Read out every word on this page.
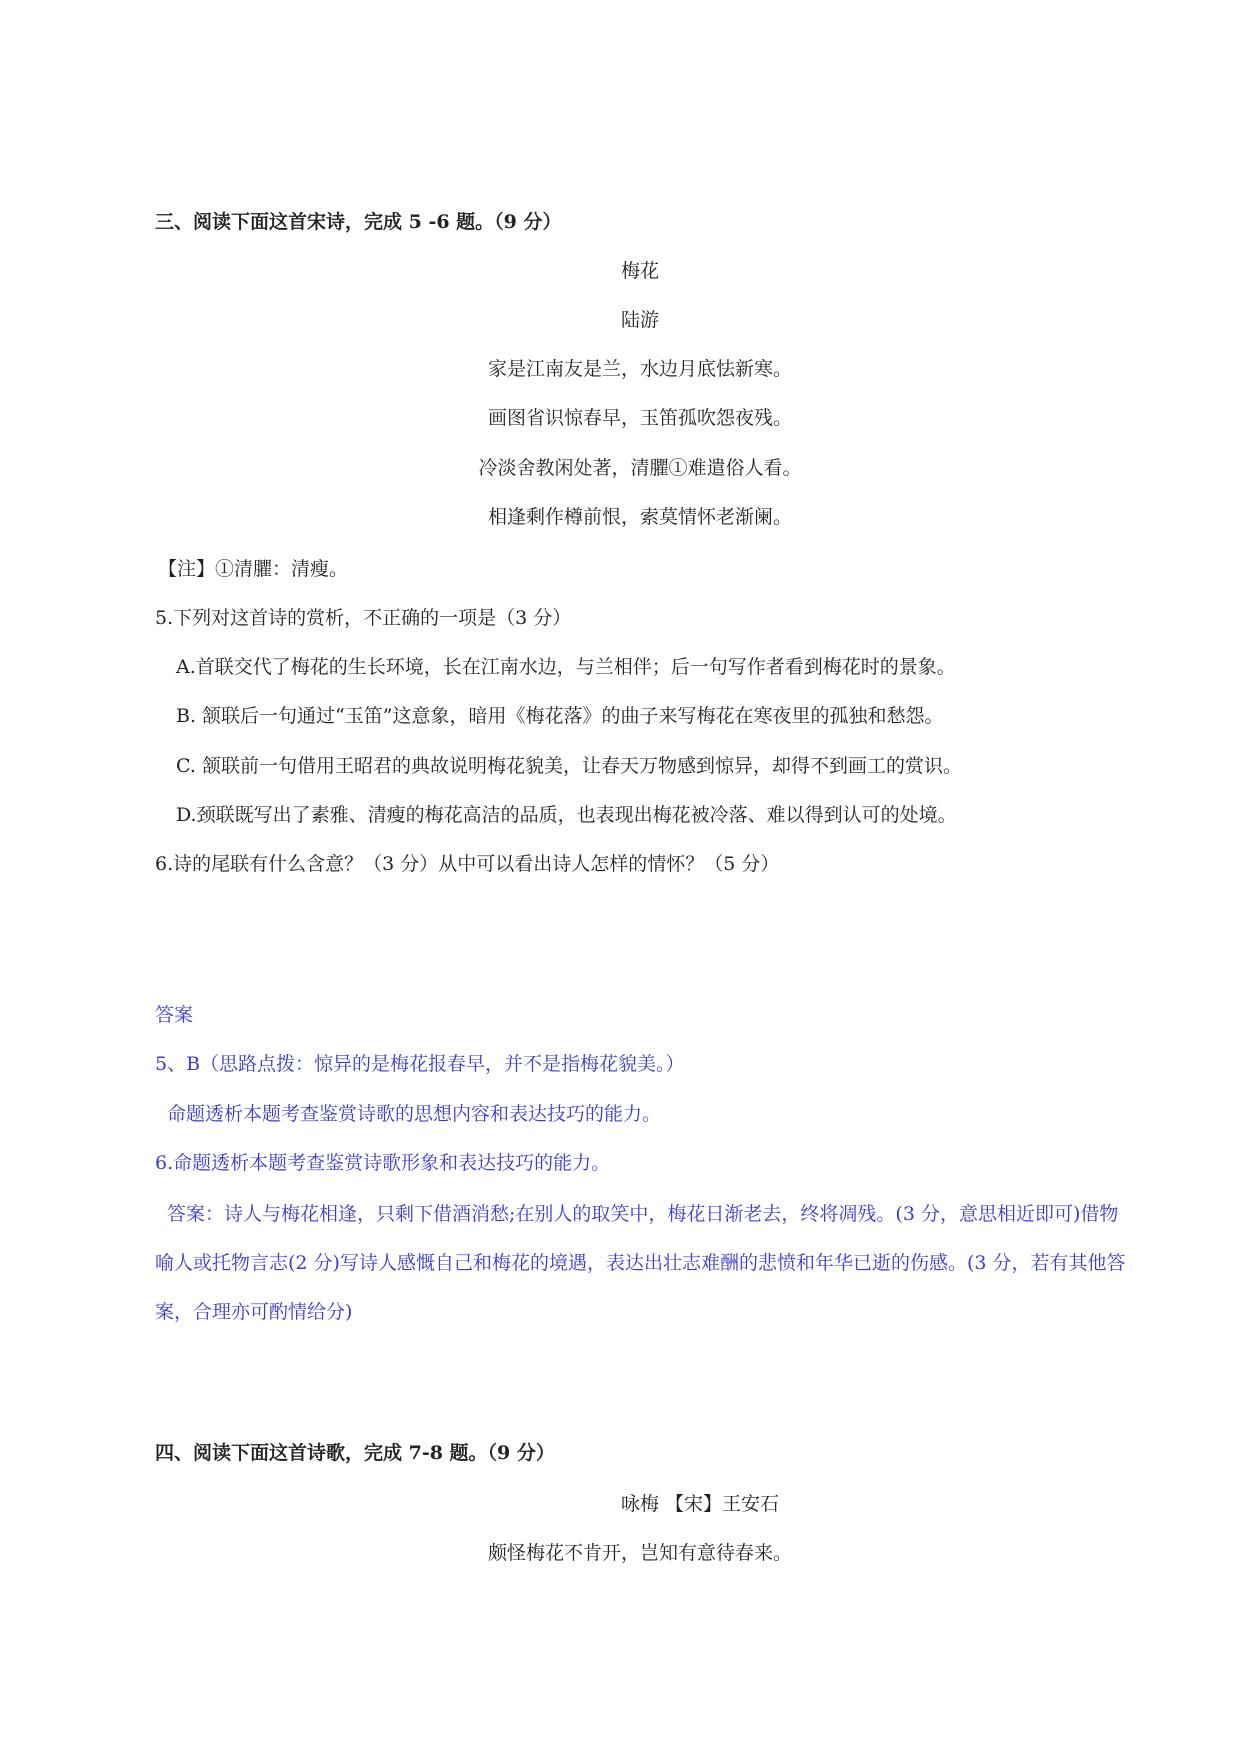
三、阅读下面这首宋诗，完成 5 -6 题。（9 分）
梅花
陆游
家是江南友是兰，水边月底怯新寒。
画图省识惊春早，玉笛孤吹怨夜残。
冷淡舍教闲处著，清臞①难遣俗人看。
相逢剩作樽前恨，索莫情怀老渐阑。
【注】①清臞：清瘦。
5.下列对这首诗的赏析，不正确的一项是（3 分）
A.首联交代了梅花的生长环境，长在江南水边，与兰相伴；后一句写作者看到梅花时的景象。
B. 颔联后一句通过“玉笛”这意象，暗用《梅花落》的曲子来写梅花在寒夜里的孤独和愁怨。
C. 颔联前一句借用王昭君的典故说明梅花貌美，让春天万物感到惊异，却得不到画工的赏识。
D.颈联既写出了素雅、清瘦的梅花高洁的品质，也表现出梅花被冷落、难以得到认可的处境。
6.诗的尾联有什么含意？（3 分）从中可以看出诗人怎样的情怀？（5 分）
答案
5、B（思路点拨：惊异的是梅花报春早，并不是指梅花貌美。）
命题透析本题考查鉴赏诗歌的思想内容和表达技巧的能力。
6.命题透析本题考查鉴赏诗歌形象和表达技巧的能力。
答案：诗人与梅花相逢，只剩下借酒消愁;在别人的取笑中，梅花日渐老去，终将凋残。(3 分，意思相近即可)借物喻人或托物言志(2 分)写诗人感慨自己和梅花的境遇，表达出壮志难酬的悲愤和年华已逝的伤感。(3 分，若有其他答案，合理亦可酌情给分)
四、阅读下面这首诗歌，完成 7-8 题。（9 分）
咏梅 【宋】王安石
颇怪梅花不肯开，岂知有意待春来。
